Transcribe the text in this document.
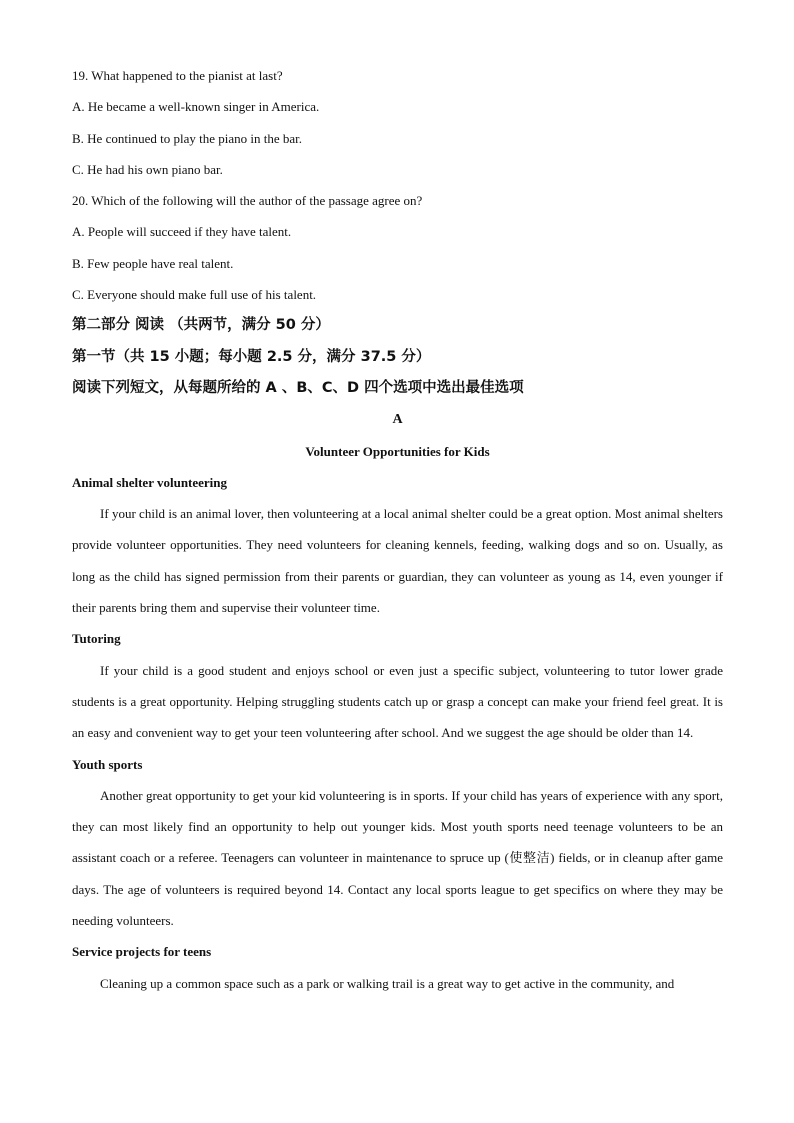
19. What happened to the pianist at last?

A. He became a well-known singer in America.

B. He continued to play the piano in the bar.

C. He had his own piano bar.

20. Which of the following will the author of the passage agree on?

A. People will succeed if they have talent.

B. Few people have real talent.

C. Everyone should make full use of his talent.

第二部分 阅读 （共两节，满分 50 分）

第一节（共 15 小题；每小题 2.5 分，满分 37.5 分）

阅读下列短文，从每题所给的 A 、B、C、D 四个选项中选出最佳选项

A

Volunteer Opportunities for Kids

Animal shelter volunteering

If your child is an animal lover, then volunteering at a local animal shelter could be a great option. Most animal shelters provide volunteer opportunities. They need volunteers for cleaning kennels, feeding, walking dogs and so on. Usually, as long as the child has signed permission from their parents or guardian, they can volunteer as young as 14, even younger if their parents bring them and supervise their volunteer time.

Tutoring

If your child is a good student and enjoys school or even just a specific subject, volunteering to tutor lower grade students is a great opportunity. Helping struggling students catch up or grasp a concept can make your friend feel great. It is an easy and convenient way to get your teen volunteering after school. And we suggest the age should be older than 14.

Youth sports

Another great opportunity to get your kid volunteering is in sports. If your child has years of experience with any sport, they can most likely find an opportunity to help out younger kids. Most youth sports need teenage volunteers to be an assistant coach or a referee. Teenagers can volunteer in maintenance to spruce up (使整洁) fields, or in cleanup after game days. The age of volunteers is required beyond 14. Contact any local sports league to get specifics on where they may be needing volunteers.

Service projects for teens

Cleaning up a common space such as a park or walking trail is a great way to get active in the community, and
